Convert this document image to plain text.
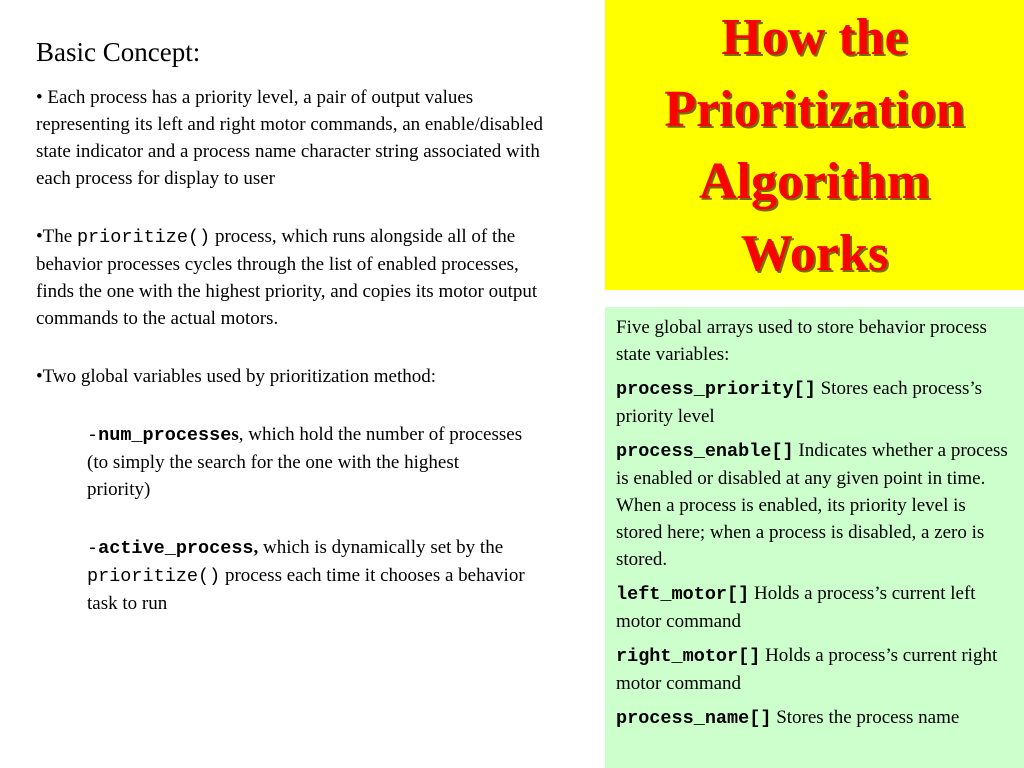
Basic Concept:

• Each process has a priority level, a pair of output values representing its left and right motor commands, an enable/disabled state indicator and a process name character string associated with each process for display to user

•The prioritize() process, which runs alongside all of the behavior processes cycles through the list of enabled processes, finds the one with the highest priority, and copies its motor output commands to the actual motors.

•Two global variables used by prioritization method:

-num_processes, which hold the number of processes (to simply the search for the one with the highest priority)

-active_process, which is dynamically set by the prioritize() process each time it chooses a behavior task to run

How the
Prioritization
Algorithm
Works

Five global arrays used to store behavior process state variables:

process_priority[] Stores each process’s priority level

process_enable[] Indicates whether a process is enabled or disabled at any given point in time. When a process is enabled, its priority level is stored here; when a process is disabled, a zero is stored.

left_motor[] Holds a process’s current left motor command

right_motor[] Holds a process’s current right motor command

process_name[] Stores the process name
